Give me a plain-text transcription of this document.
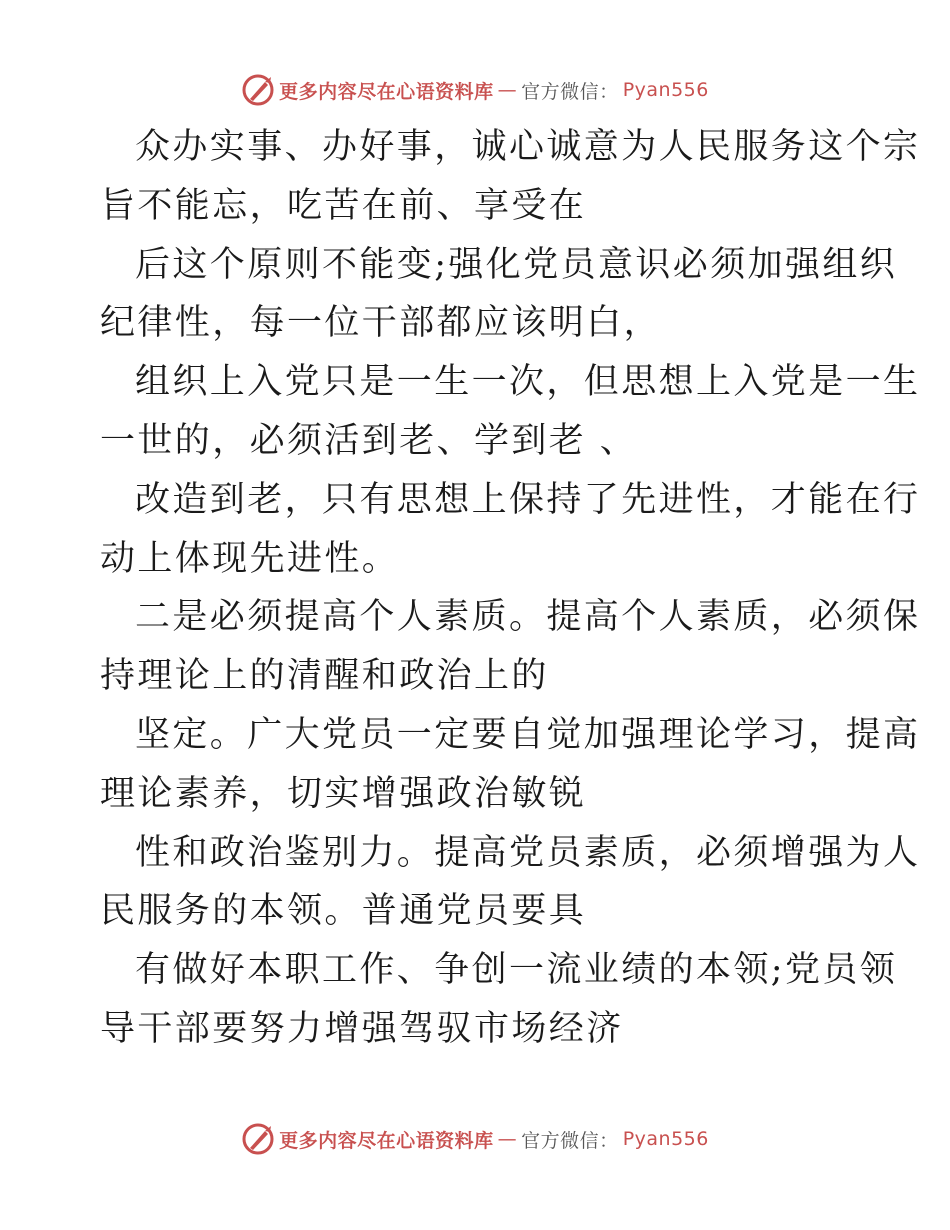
更多内容尽在心语资料库 — 官方微信： Pyan556
众办实事、办好事，诚心诚意为人民服务这个宗
旨不能忘，吃苦在前、享受在
后这个原则不能变;强化党员意识必须加强组织
纪律性，每一位干部都应该明白，
组织上入党只是一生一次，但思想上入党是一生
一世的，必须活到老、学到老 、
改造到老，只有思想上保持了先进性，才能在行
动上体现先进性。
二是必须提高个人素质。提高个人素质，必须保
持理论上的清醒和政治上的
坚定。广大党员一定要自觉加强理论学习，提高
理论素养，切实增强政治敏锐
性和政治鉴别力。提高党员素质，必须增强为人
民服务的本领。普通党员要具
有做好本职工作、争创一流业绩的本领;党员领
导干部要努力增强驾驭市场经济
更多内容尽在心语资料库 — 官方微信： Pyan556
